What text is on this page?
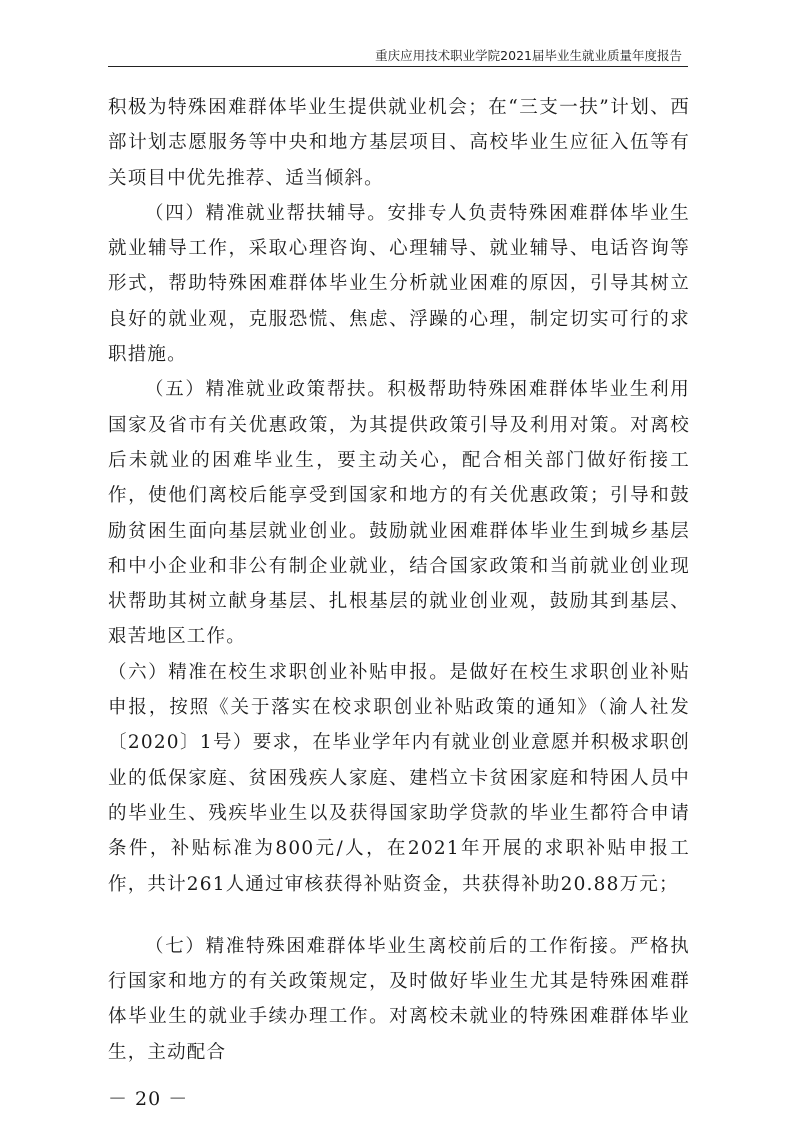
重庆应用技术职业学院2021届毕业生就业质量年度报告

积极为特殊困难群体毕业生提供就业机会；在“三支一扶”计划、西部计划志愿服务等中央和地方基层项目、高校毕业生应征入伍等有关项目中优先推荐、适当倾斜。

（四）精准就业帮扶辅导。安排专人负责特殊困难群体毕业生就业辅导工作，采取心理咨询、心理辅导、就业辅导、电话咨询等形式，帮助特殊困难群体毕业生分析就业困难的原因，引导其树立良好的就业观，克服恐慌、焦虑、浮躁的心理，制定切实可行的求职措施。

（五）精准就业政策帮扶。积极帮助特殊困难群体毕业生利用国家及省市有关优惠政策，为其提供政策引导及利用对策。对离校后未就业的困难毕业生，要主动关心，配合相关部门做好衔接工作，使他们离校后能享受到国家和地方的有关优惠政策；引导和鼓励贫困生面向基层就业创业。鼓励就业困难群体毕业生到城乡基层和中小企业和非公有制企业就业，结合国家政策和当前就业创业现状帮助其树立献身基层、扎根基层的就业创业观，鼓励其到基层、艰苦地区工作。

（六）精准在校生求职创业补贴申报。是做好在校生求职创业补贴申报，按照《关于落实在校求职创业补贴政策的通知》（渝人社发〔2020〕1号）要求，在毕业学年内有就业创业意愿并积极求职创业的低保家庭、贫困残疾人家庭、建档立卡贫困家庭和特困人员中的毕业生、残疾毕业生以及获得国家助学贷款的毕业生都符合申请条件，补贴标准为800元/人，在2021年开展的求职补贴申报工作，共计261人通过审核获得补贴资金，共获得补助20.88万元；

（七）精准特殊困难群体毕业生离校前后的工作衔接。严格执行国家和地方的有关政策规定，及时做好毕业生尤其是特殊困难群体毕业生的就业手续办理工作。对离校未就业的特殊困难群体毕业生，主动配合

－ 20 －
